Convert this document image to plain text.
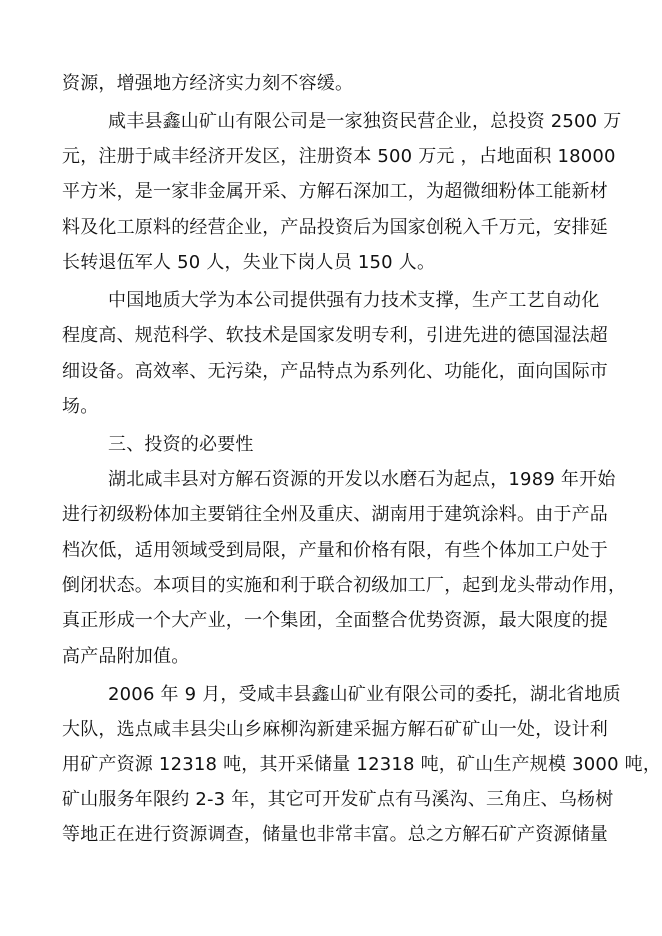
资源，增强地方经济实力刻不容缓。
咸丰县鑫山矿山有限公司是一家独资民营企业，总投资 2500 万
元，注册于咸丰经济开发区，注册资本 500 万元 ，占地面积 18000
平方米，是一家非金属开采、方解石深加工，为超微细粉体工能新材
料及化工原料的经营企业，产品投资后为国家创税入千万元，安排延
长转退伍军人 50 人，失业下岗人员 150 人。
中国地质大学为本公司提供强有力技术支撑，生产工艺自动化
程度高、规范科学、软技术是国家发明专利，引进先进的德国湿法超
细设备。高效率、无污染，产品特点为系列化、功能化，面向国际市
场。
三、投资的必要性
湖北咸丰县对方解石资源的开发以水磨石为起点，1989 年开始
进行初级粉体加主要销往全州及重庆、湖南用于建筑涂料。由于产品
档次低，适用领域受到局限，产量和价格有限，有些个体加工户处于
倒闭状态。本项目的实施和利于联合初级加工厂，起到龙头带动作用，
真正形成一个大产业，一个集团，全面整合优势资源，最大限度的提
高产品附加值。
2006 年 9 月，受咸丰县鑫山矿业有限公司的委托，湖北省地质
大队，选点咸丰县尖山乡麻柳沟新建采掘方解石矿矿山一处，设计利
用矿产资源 12318 吨，其开采储量 12318 吨，矿山生产规模 3000 吨，
矿山服务年限约 2-3 年，其它可开发矿点有马溪沟、三角庄、乌杨树
等地正在进行资源调查，储量也非常丰富。总之方解石矿产资源储量
